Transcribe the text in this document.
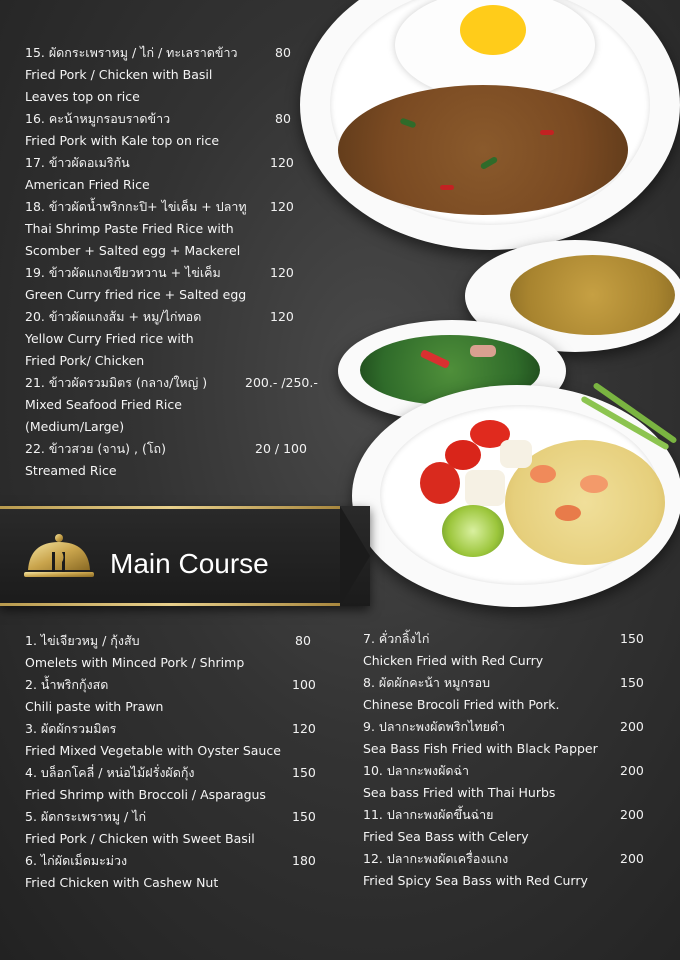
15. ผัดกระเพราหมู / ไก่ / ทะเลราดข้าว	80
Fried Pork / Chicken with Basil
Leaves top on rice
16. คะน้าหมูกรอบราดข้าว	80
Fried Pork with Kale top on rice
17. ข้าวผัดอเมริกัน	120
American Fried Rice
18. ข้าวผัดน้ำพริกกะปิ+ ไข่เค็ม + ปลาทู 120
Thai Shrimp Paste Fried Rice with
Scomber + Salted egg + Mackerel
19. ข้าวผัดแกงเขียวหวาน + ไข่เค็ม	120
Green Curry fried rice + Salted egg
20. ข้าวผัดแกงส้ม + หมู/ไก่ทอด	120
Yellow Curry Fried rice with
Fried Pork/ Chicken
21. ข้าวผัดรวมมิตร (กลาง/ใหญ่ )	200.- /250.-
Mixed Seafood Fried Rice
(Medium/Large)
22. ข้าวสวย (จาน) , (โถ)	20 / 100
Streamed Rice
Main Course
1. ไข่เจียวหมู / กุ้งสับ	80
Omelets with Minced Pork / Shrimp
2. น้ำพริกกุ้งสด	100
Chili paste with Prawn
3. ผัดผักรวมมิตร	120
Fried Mixed Vegetable with Oyster Sauce
4. บล็อกโคลี่ / หน่อไม้ฝรั่งผัดกุ้ง	150
Fried Shrimp with Broccoli / Asparagus
5. ผัดกระเพราหมู / ไก่	150
Fried Pork / Chicken with Sweet Basil
6. ไก่ผัดเม็ดมะม่วง	180
Fried Chicken with Cashew Nut
7. คั่วกลิ้งไก่	150
Chicken Fried with Red Curry
8. ผัดผักคะน้า หมูกรอบ	150
Chinese Brocoli Fried with Pork.
9. ปลากะพงผัดพริกไทยดำ	200
Sea Bass Fish Fried with Black Papper
10. ปลากะพงผัดฉ่า	200
Sea bass Fried with Thai Hurbs
11. ปลากะพงผัดขึ้นฉ่าย	200
Fried Sea Bass with Celery
12. ปลากะพงผัดเครื่องแกง	200
Fried Spicy Sea Bass with Red Curry
